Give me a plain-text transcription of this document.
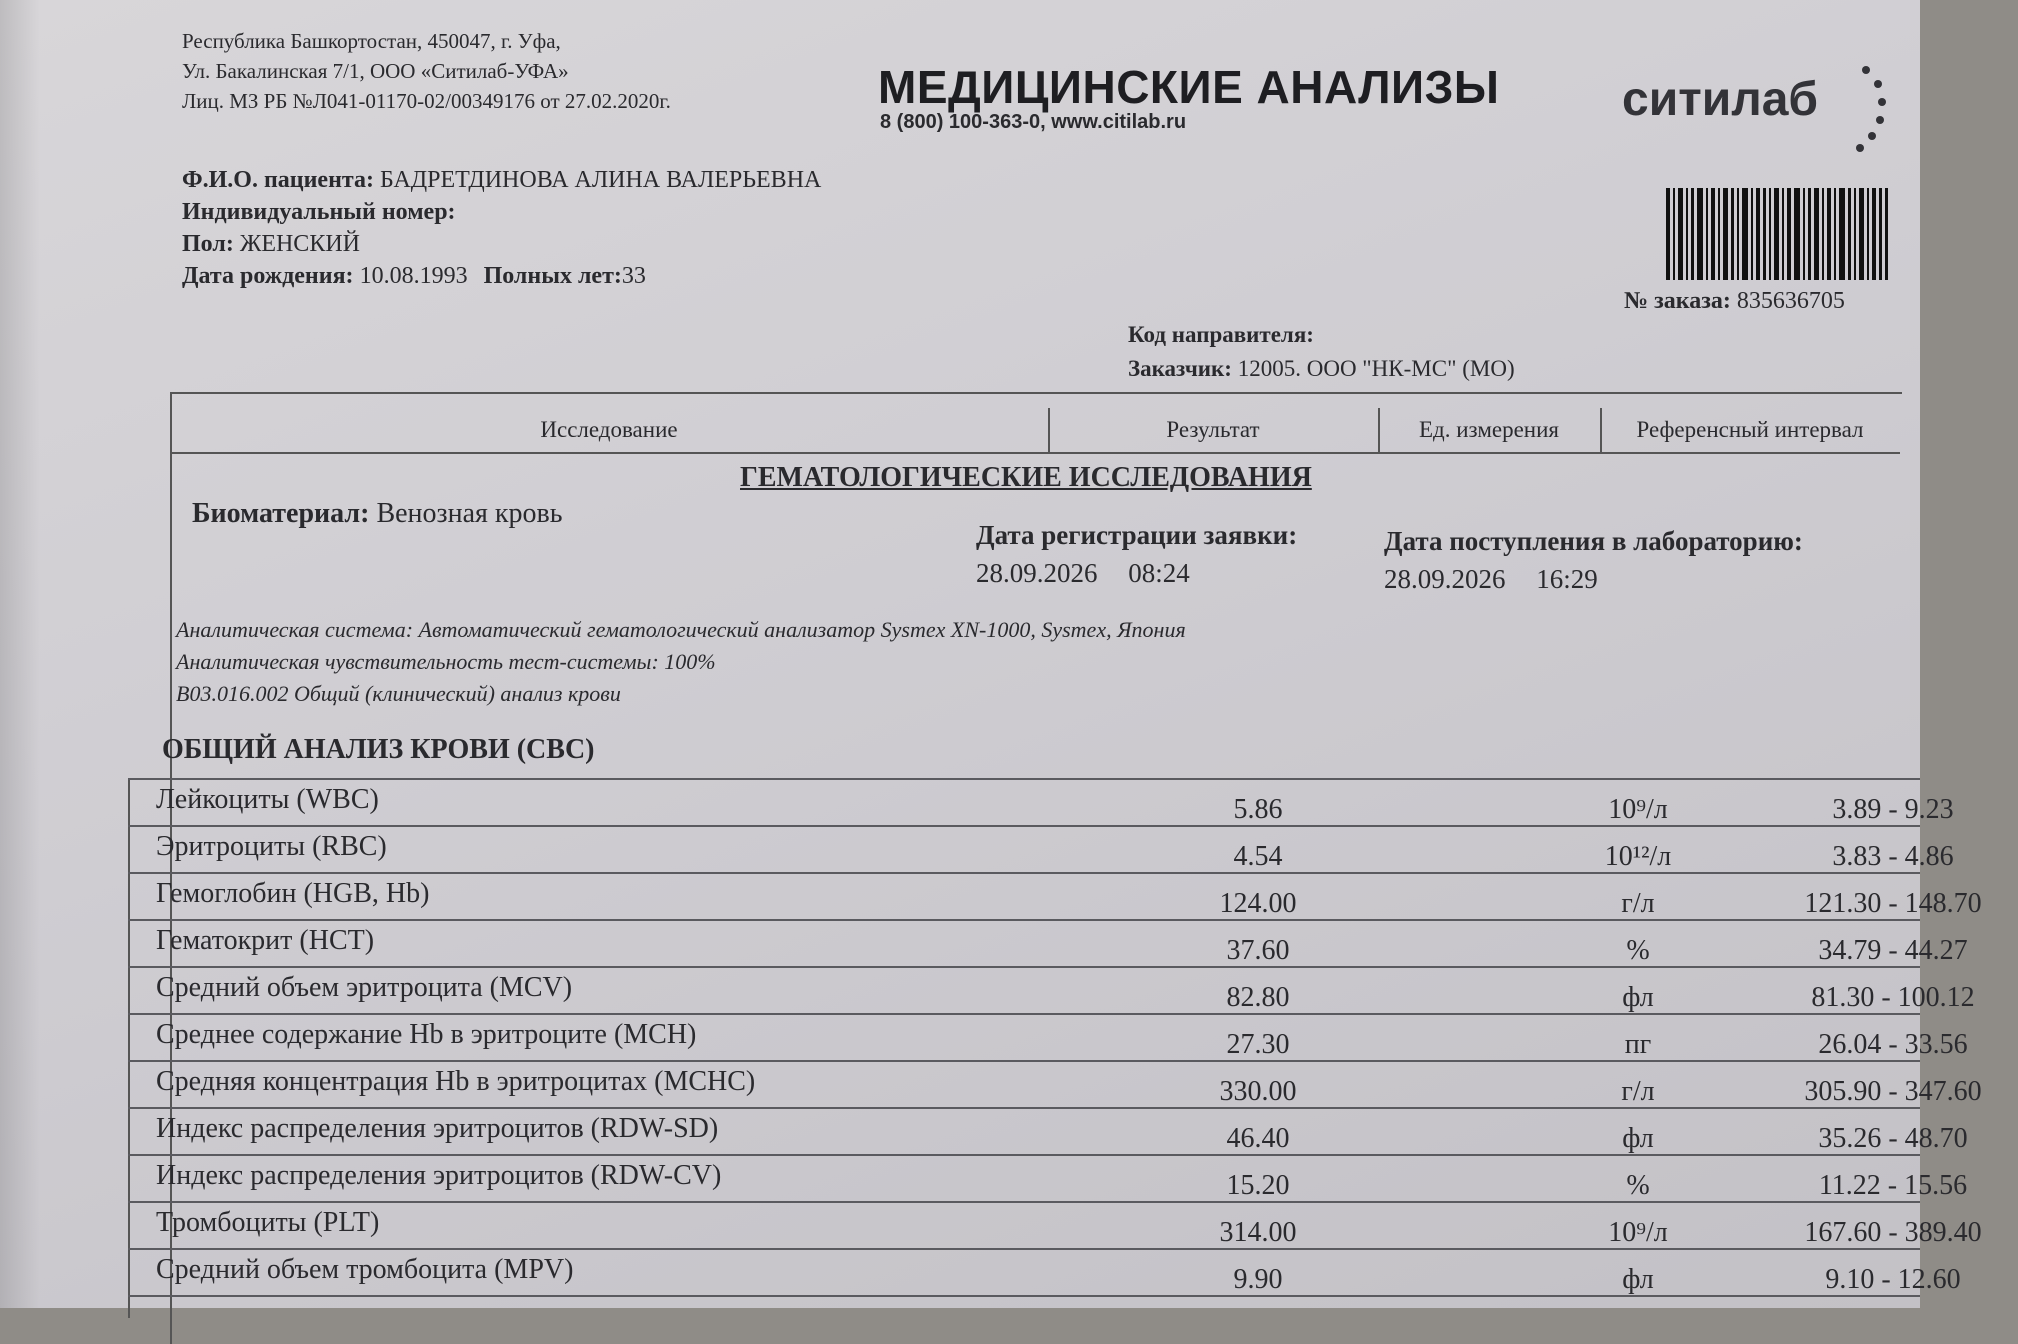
Республика Башкортостан, 450047, г. Уфа,
Ул. Бакалинская 7/1, ООО «Ситилаб-УФА»
Лиц. МЗ РБ №Л041-01170-02/00349176 от 27.02.2020г.	МЕДИЦИНСКИЕ АНАЛИЗЫ
8 (800) 100-363-0, www.citilab.ru	ситилаб
Ф.И.О. пациента: БАДРЕТДИНОВА АЛИНА ВАЛЕРЬЕВНА
Индивидуальный номер:
Пол: ЖЕНСКИЙ
Дата рождения: 10.08.1993 Полных лет:33
№ заказа: 835636705
Код направителя:
Заказчик: 12005. ООО "НК-МС" (МО)
Исследование	Результат	Ед. измерения	Референсный интервал
ГЕМАТОЛОГИЧЕСКИЕ ИССЛЕДОВАНИЯ
Биоматериал: Венозная кровь
Дата регистрации заявки:
28.09.2026 08:24
Дата поступления в лабораторию:
28.09.2026 16:29
Аналитическая система: Автоматический гематологический анализатор Sysmex XN-1000, Sysmex, Япония
Аналитическая чувствительность тест-системы: 100%
В03.016.002 Общий (клинический) анализ крови
ОБЩИЙ АНАЛИЗ КРОВИ (CBC)
Лейкоциты (WBC)	5.86	10⁹/л	3.89 - 9.23
Эритроциты (RBC)	4.54	10¹²/л	3.83 - 4.86
Гемоглобин (HGB, Hb)	124.00	г/л	121.30 - 148.70
Гематокрит (HCT)	37.60	%	34.79 - 44.27
Средний объем эритроцита (MCV)	82.80	фл	81.30 - 100.12
Среднее содержание Hb в эритроците (MCH)	27.30	пг	26.04 - 33.56
Средняя концентрация Hb в эритроцитах (MCHC)	330.00	г/л	305.90 - 347.60
Индекс распределения эритроцитов (RDW-SD)	46.40	фл	35.26 - 48.70
Индекс распределения эритроцитов (RDW-CV)	15.20	%	11.22 - 15.56
Тромбоциты (PLT)	314.00	10⁹/л	167.60 - 389.40
Средний объем тромбоцита (MPV)	9.90	фл	9.10 - 12.60
